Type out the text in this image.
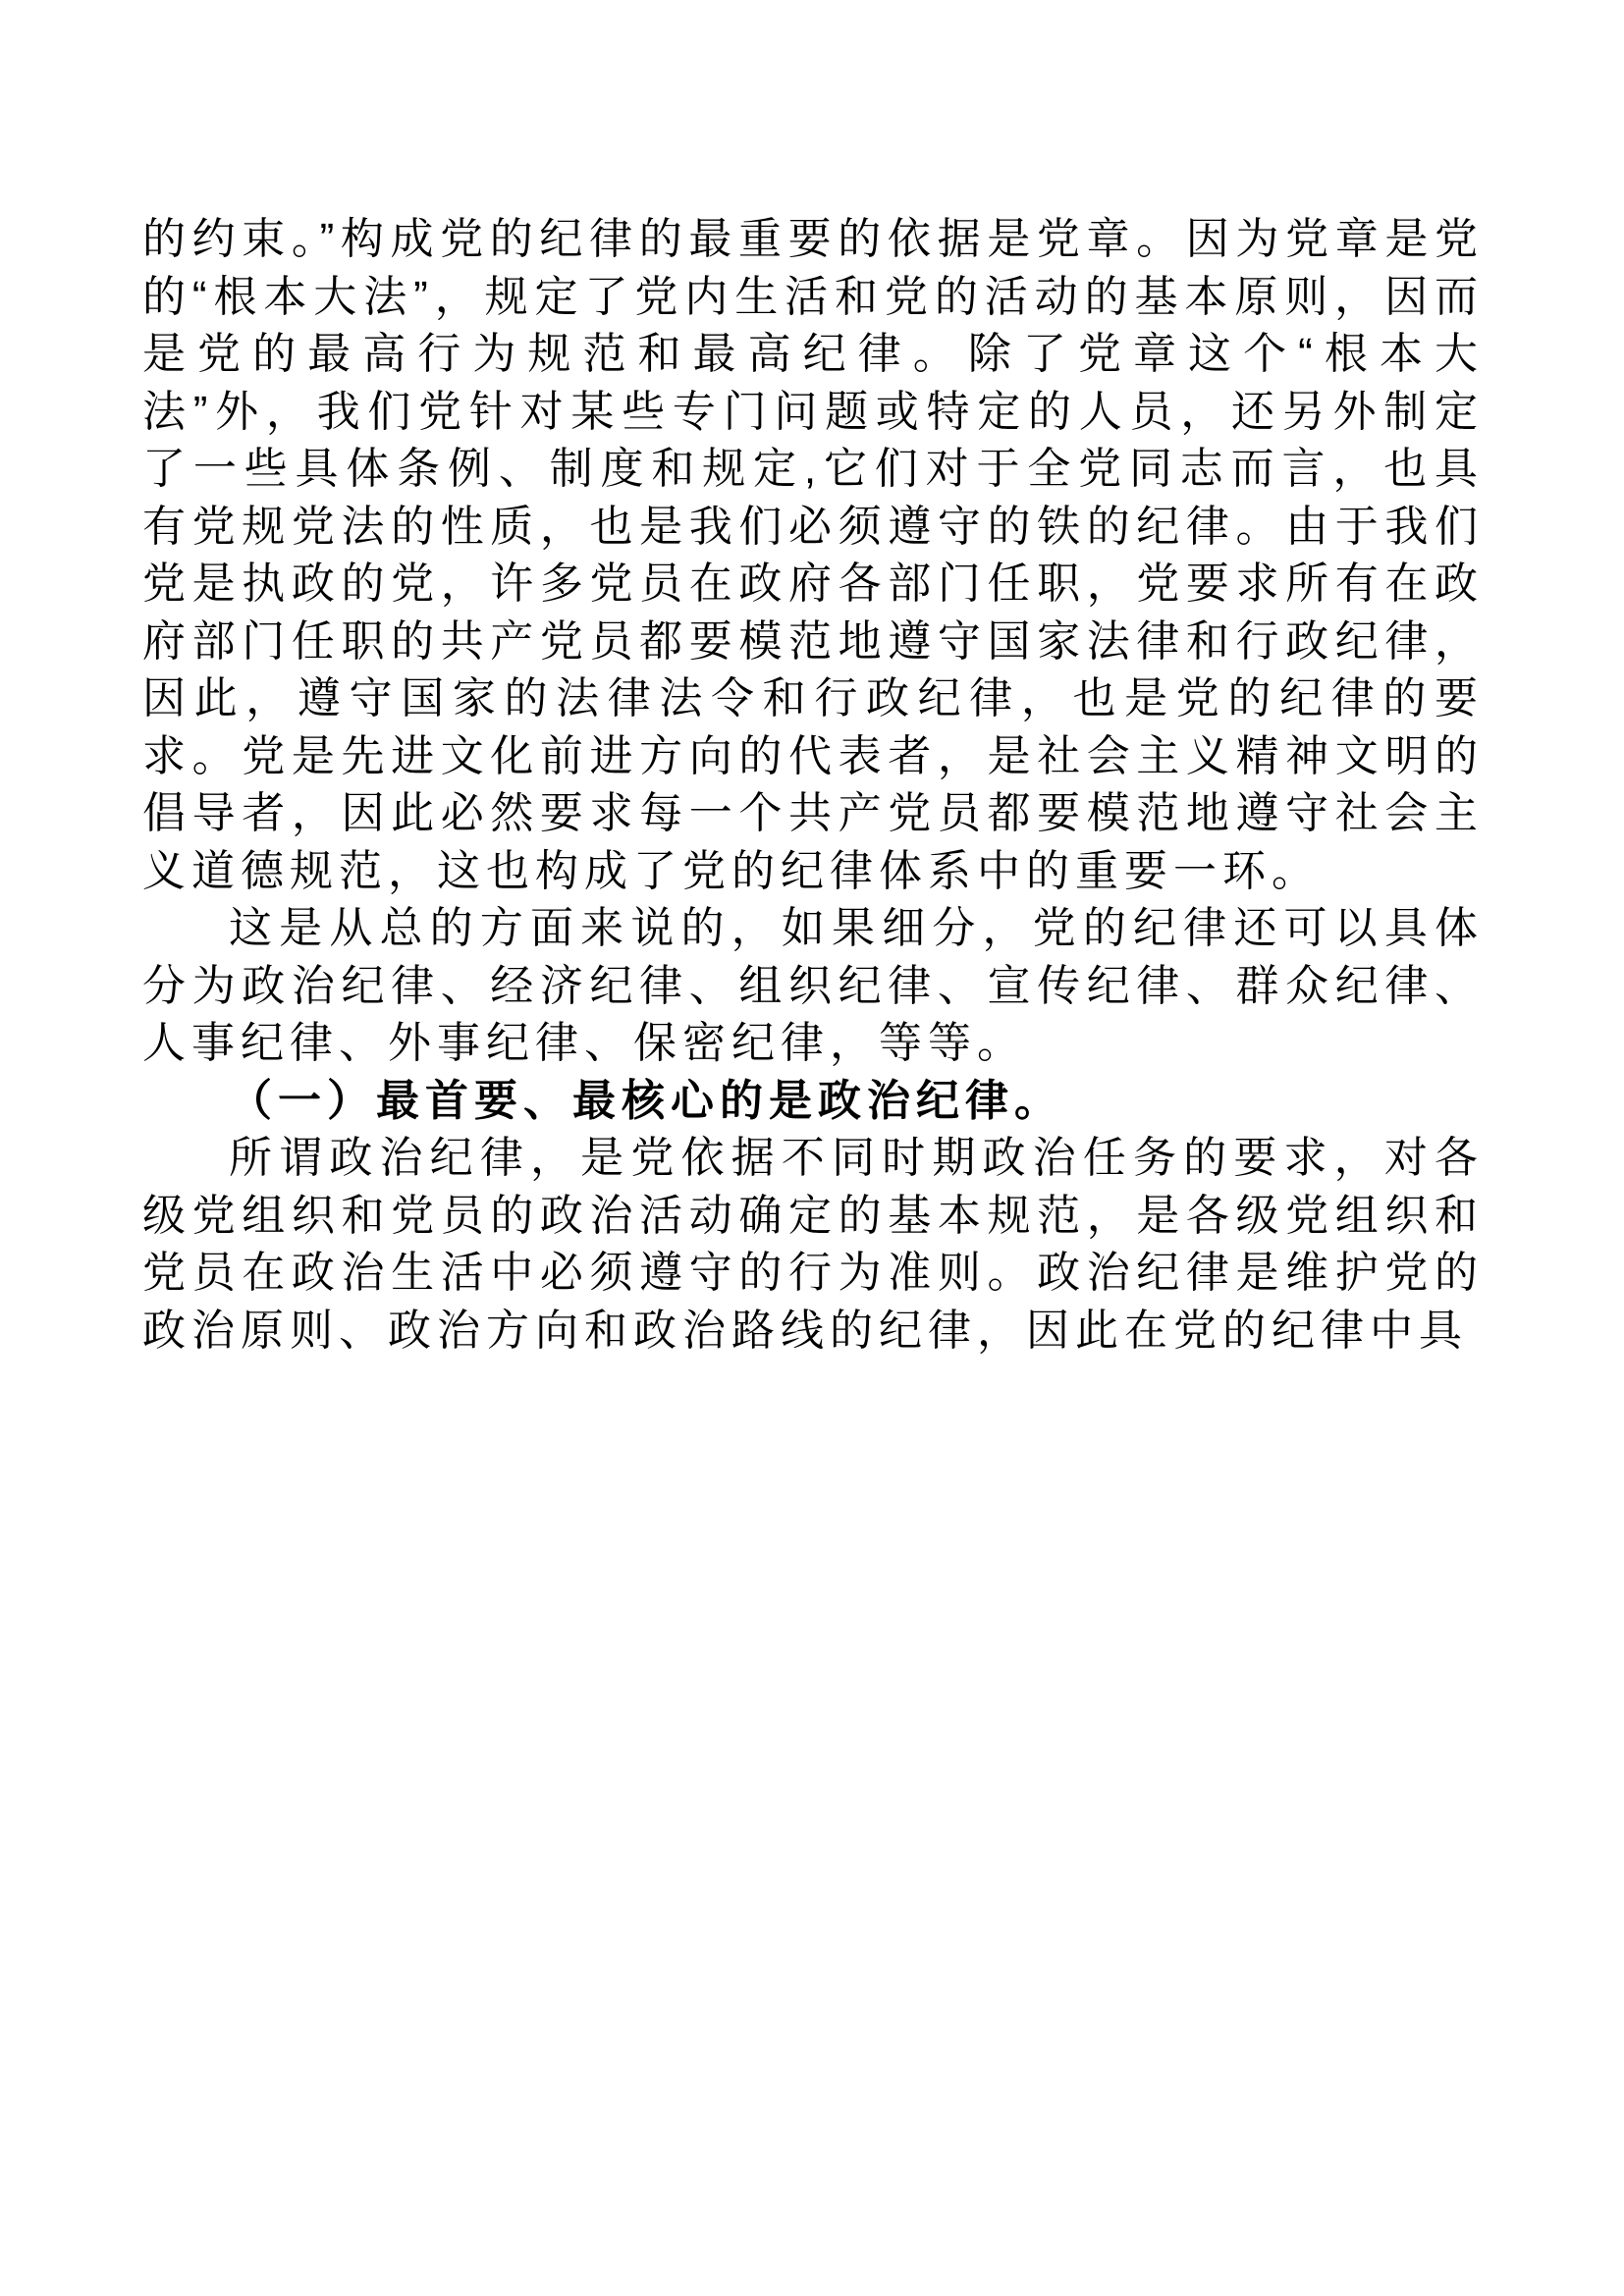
的约束。”构成党的纪律的最重要的依据是党章。因为党章是党的“根本大法”，规定了党内生活和党的活动的基本原则，因而是党的最高行为规范和最高纪律。除了党章这个“根本大法”外，我们党针对某些专门问题或特定的人员，还另外制定了一些具体条例、制度和规定,它们对于全党同志而言，也具有党规党法的性质，也是我们必须遵守的铁的纪律。由于我们党是执政的党，许多党员在政府各部门任职，党要求所有在政府部门任职的共产党员都要模范地遵守国家法律和行政纪律，因此，遵守国家的法律法令和行政纪律，也是党的纪律的要求。党是先进文化前进方向的代表者，是社会主义精神文明的倡导者，因此必然要求每一个共产党员都要模范地遵守社会主义道德规范，这也构成了党的纪律体系中的重要一环。

这是从总的方面来说的，如果细分，党的纪律还可以具体分为政治纪律、经济纪律、组织纪律、宣传纪律、群众纪律、人事纪律、外事纪律、保密纪律，等等。

（一）最首要、最核心的是政治纪律。

所谓政治纪律，是党依据不同时期政治任务的要求，对各级党组织和党员的政治活动确定的基本规范，是各级党组织和党员在政治生活中必须遵守的行为准则。政治纪律是维护党的政治原则、政治方向和政治路线的纪律，因此在党的纪律中具
